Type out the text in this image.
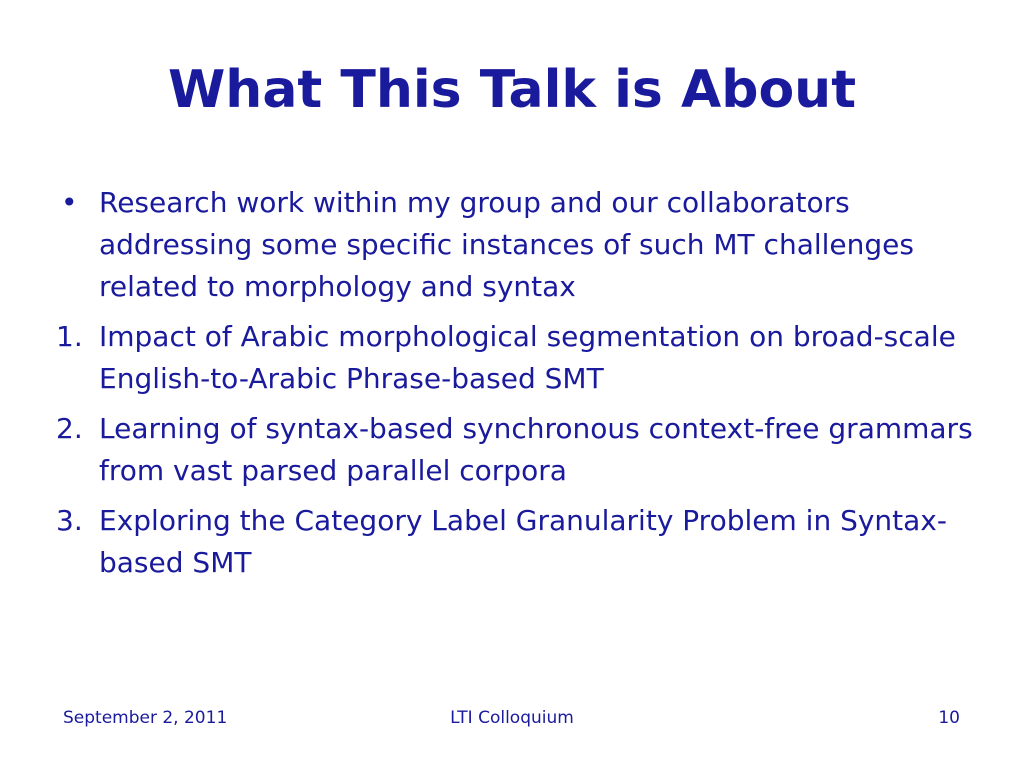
What This Talk is About
• Research work within my group and our collaborators addressing some specific instances of such MT challenges related to morphology and syntax
1. Impact of Arabic morphological segmentation on broad-scale English-to-Arabic Phrase-based SMT
2. Learning of syntax-based synchronous context-free grammars from vast parsed parallel corpora
3. Exploring the Category Label Granularity Problem in Syntax-based SMT
September 2, 2011	LTI Colloquium	10
